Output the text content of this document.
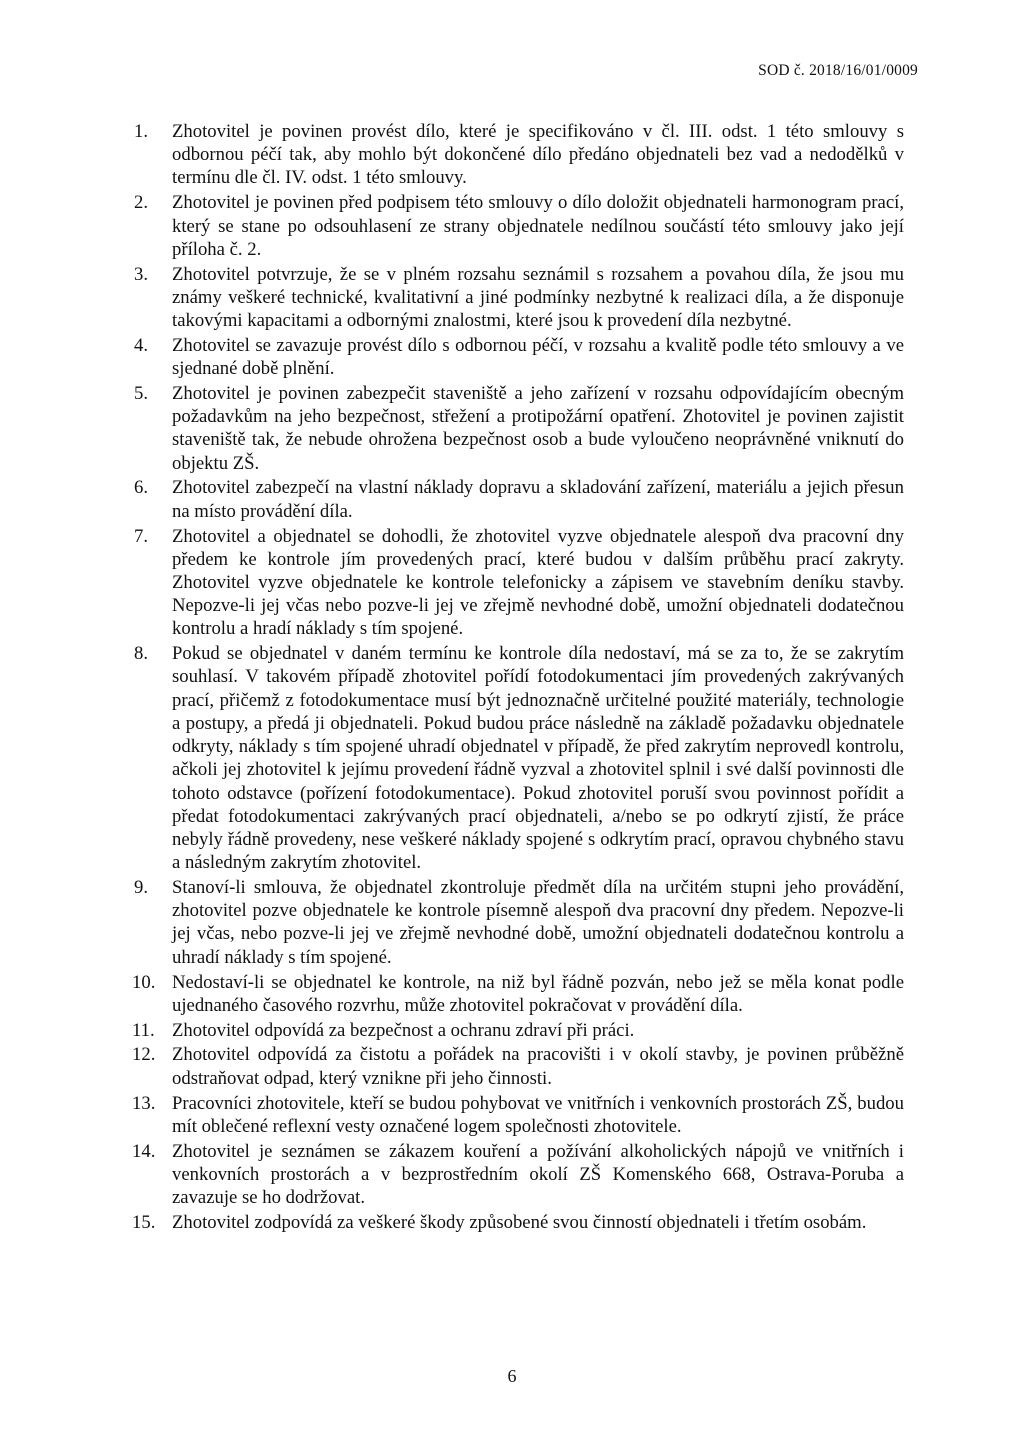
SOD č. 2018/16/01/0009
1.	Zhotovitel je povinen provést dílo, které je specifikováno v čl. III. odst. 1 této smlouvy s odbornou péčí tak, aby mohlo být dokončené dílo předáno objednateli bez vad a nedodělků v termínu dle čl. IV. odst. 1 této smlouvy.
2.	Zhotovitel je povinen před podpisem této smlouvy o dílo doložit objednateli harmonogram prací, který se stane po odsouhlasení ze strany objednatele nedílnou součástí této smlouvy jako její příloha č. 2.
3.	Zhotovitel potvrzuje, že se v plném rozsahu seznámil s rozsahem a povahou díla, že jsou mu známy veškeré technické, kvalitativní a jiné podmínky nezbytné k realizaci díla, a že disponuje takovými kapacitami a odbornými znalostmi, které jsou k provedení díla nezbytné.
4.	Zhotovitel se zavazuje provést dílo s odbornou péčí, v rozsahu a kvalitě podle této smlouvy a ve sjednané době plnění.
5.	Zhotovitel je povinen zabezpečit staveniště a jeho zařízení v rozsahu odpovídajícím obecným požadavkům na jeho bezpečnost, střežení a protipožární opatření. Zhotovitel je povinen zajistit staveniště tak, že nebude ohrožena bezpečnost osob a bude vyloučeno neoprávněné vniknutí do objektu ZŠ.
6.	Zhotovitel zabezpečí na vlastní náklady dopravu a skladování zařízení, materiálu a jejich přesun na místo provádění díla.
7.	Zhotovitel a objednatel se dohodli, že zhotovitel vyzve objednatele alespoň dva pracovní dny předem ke kontrole jím provedených prací, které budou v dalším průběhu prací zakryty. Zhotovitel vyzve objednatele ke kontrole telefonicky a zápisem ve stavebním deníku stavby. Nepozve-li jej včas nebo pozve-li jej ve zřejmě nevhodné době, umožní objednateli dodatečnou kontrolu a hradí náklady s tím spojené.
8.	Pokud se objednatel v daném termínu ke kontrole díla nedostaví, má se za to, že se zakrytím souhlasí. V takovém případě zhotovitel pořídí fotodokumentaci jím provedených zakrývaných prací, přičemž z fotodokumentace musí být jednoznačně určitelné použité materiály, technologie a postupy, a předá ji objednateli. Pokud budou práce následně na základě požadavku objednatele odkryty, náklady s tím spojené uhradí objednatel v případě, že před zakrytím neprovedl kontrolu, ačkoli jej zhotovitel k jejímu provedení řádně vyzval a zhotovitel splnil i své další povinnosti dle tohoto odstavce (pořízení fotodokumentace). Pokud zhotovitel poruší svou povinnost pořídit a předat fotodokumentaci zakrývaných prací objednateli, a/nebo se po odkrytí zjistí, že práce nebyly řádně provedeny, nese veškeré náklady spojené s odkrytím prací, opravou chybného stavu a následným zakrytím zhotovitel.
9.	Stanoví-li smlouva, že objednatel zkontroluje předmět díla na určitém stupni jeho provádění, zhotovitel pozve objednatele ke kontrole písemně alespoň dva pracovní dny předem. Nepozve-li jej včas, nebo pozve-li jej ve zřejmě nevhodné době, umožní objednateli dodatečnou kontrolu a uhradí náklady s tím spojené.
10. Nedostaví-li se objednatel ke kontrole, na niž byl řádně pozván, nebo jež se měla konat podle ujednaného časového rozvrhu, může zhotovitel pokračovat v provádění díla.
11. Zhotovitel odpovídá za bezpečnost a ochranu zdraví při práci.
12. Zhotovitel odpovídá za čistotu a pořádek na pracovišti i v okolí stavby, je povinen průběžně odstraňovat odpad, který vznikne při jeho činnosti.
13. Pracovníci zhotovitele, kteří se budou pohybovat ve vnitřních i venkovních prostorách ZŠ, budou mít oblečené reflexní vesty označené logem společnosti zhotovitele.
14. Zhotovitel je seznámen se zákazem kouření a požívání alkoholických nápojů ve vnitřních i venkovních prostorách a v bezprostředním okolí ZŠ Komenského 668, Ostrava-Poruba a zavazuje se ho dodržovat.
15. Zhotovitel zodpovídá za veškeré škody způsobené svou činností objednateli i třetím osobám.
6
